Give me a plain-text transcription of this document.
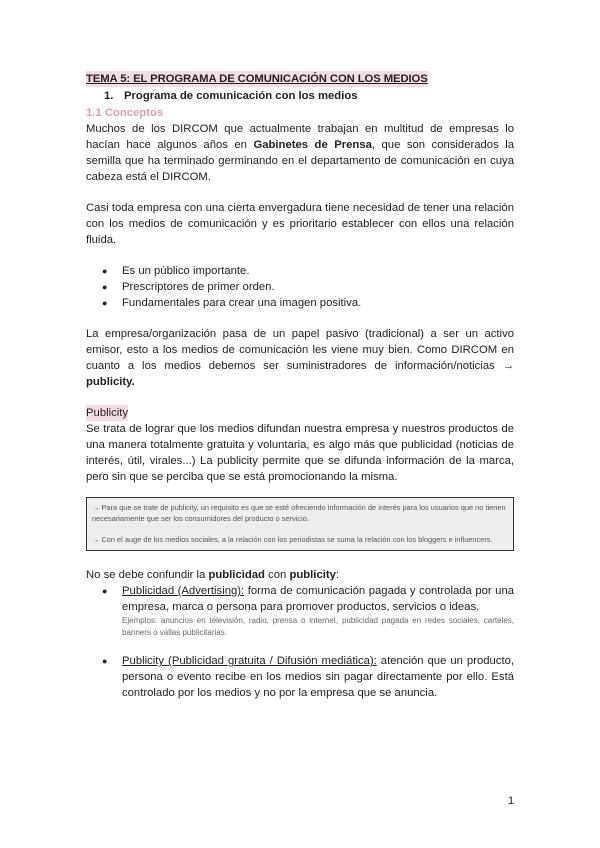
TEMA 5: EL PROGRAMA DE COMUNICACIÓN CON LOS MEDIOS
1. Programa de comunicación con los medios
1.1 Conceptos

Muchos de los DIRCOM que actualmente trabajan en multitud de empresas lo hacían hace algunos años en Gabinetes de Prensa, que son considerados la semilla que ha terminado germinando en el departamento de comunicación en cuya cabeza está el DIRCOM.

Casi toda empresa con una cierta envergadura tiene necesidad de tener una relación con los medios de comunicación y es prioritario establecer con ellos una relación fluida.

● Es un público importante.
● Prescriptores de primer orden.
● Fundamentales para crear una imagen positiva.

La empresa/organización pasa de un papel pasivo (tradicional) a ser un activo emisor, esto a los medios de comunicación les viene muy bien. Como DIRCOM en cuanto a los medios debemos ser suministradores de información/noticias → publicity.

Publicity

Se trata de lograr que los medios difundan nuestra empresa y nuestros productos de una manera totalmente gratuita y voluntaria, es algo más que publicidad (noticias de interés, útil, virales...) La publicity permite que se difunda información de la marca, pero sin que se perciba que se está promocionando la misma.

→ Para que se trate de publicity, un requisito es que se esté ofreciendo información de interés para los usuarios que no tienen necesariamente que ser los consumidores del producto o servicio.

→ Con el auge de los medios sociales, a la relación con los periodistas se suma la relación con los bloggers e influencers.

No se debe confundir la publicidad con publicity:

● Publicidad (Advertising): forma de comunicación pagada y controlada por una empresa, marca o persona para promover productos, servicios o ideas.
Ejemplos: anuncios en televisión, radio, prensa o internet, publicidad pagada en redes sociales, carteles, banners o vallas publicitarias.
● Publicity (Publicidad gratuita / Difusión mediática): atención que un producto, persona o evento recibe en los medios sin pagar directamente por ello. Está controlado por los medios y no por la empresa que se anuncia.
1
